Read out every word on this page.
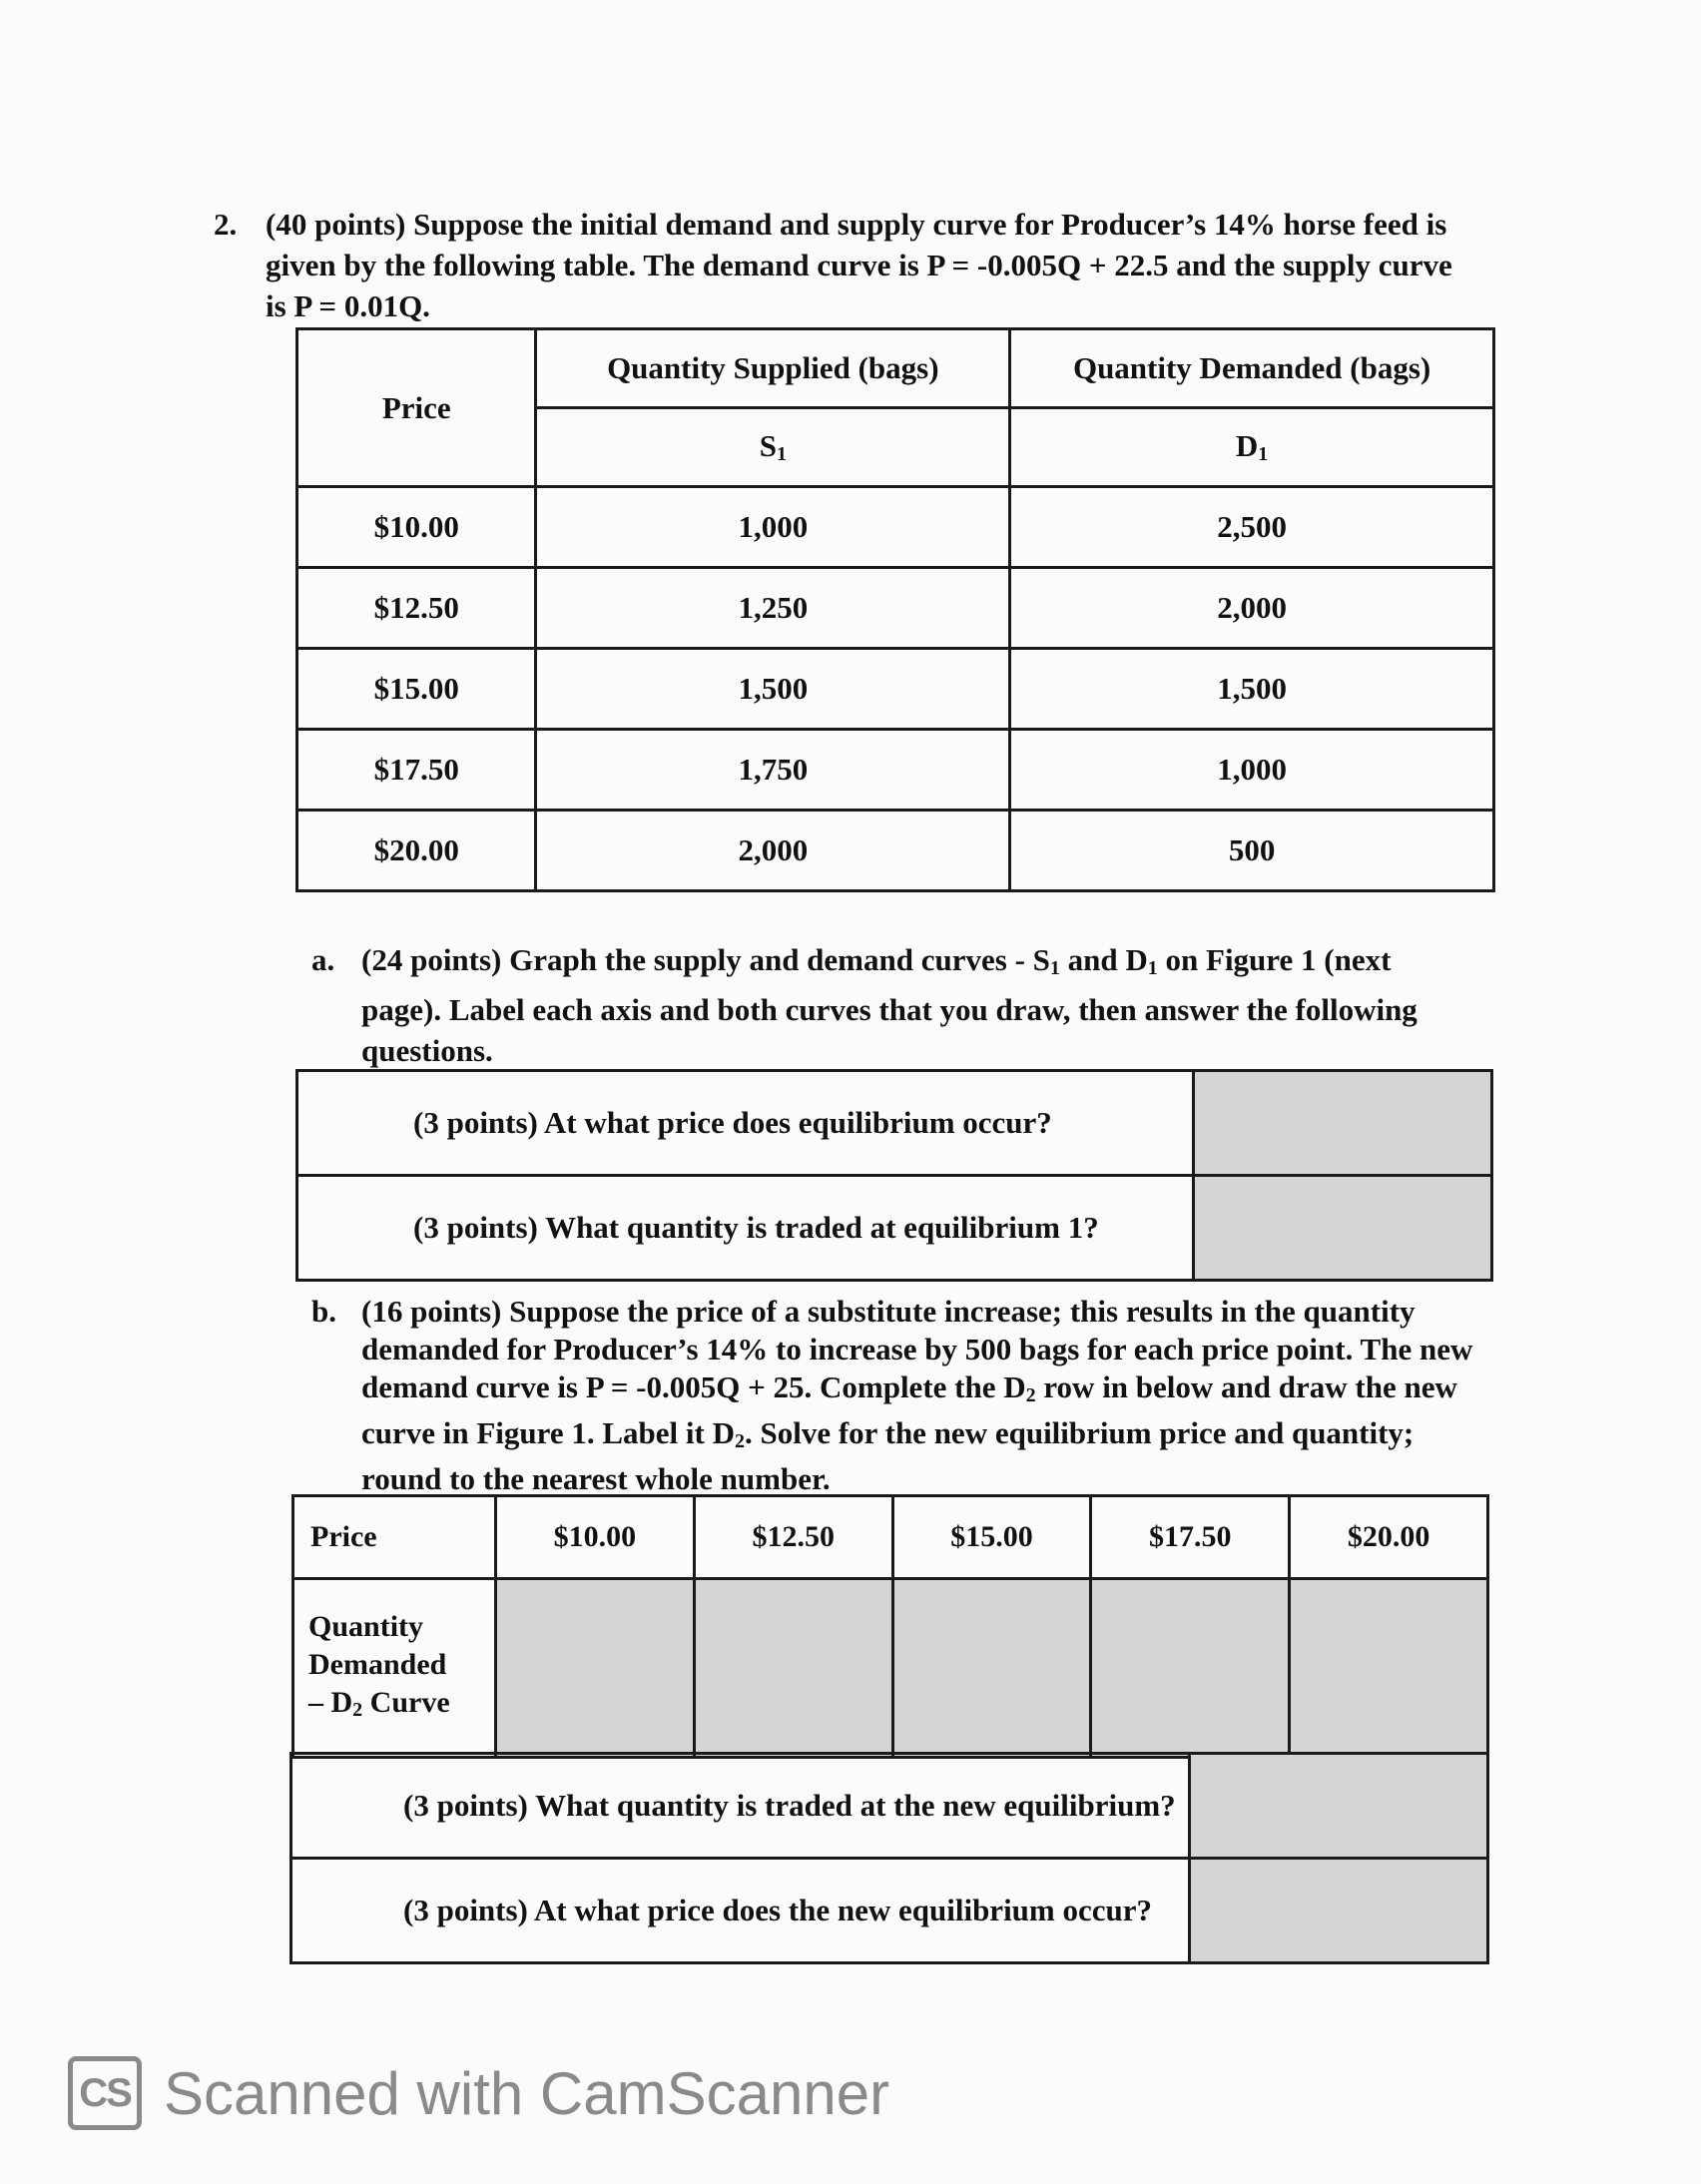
2. (40 points) Suppose the initial demand and supply curve for Producer’s 14% horse feed is
given by the following table. The demand curve is P = -0.005Q + 22.5 and the supply curve
is P = 0.01Q.
Price	Quantity Supplied (bags)	Quantity Demanded (bags)
	$S_1$	$D_1$
$10.00	1,000	2,500
$12.50	1,250	2,000
$15.00	1,500	1,500
$17.50	1,750	1,000
$20.00	2,000	500
a. (24 points) Graph the supply and demand curves - $S_1$ and $D_1$ on Figure 1 (next
page). Label each axis and both curves that you draw, then answer the following
questions.
(3 points) At what price does equilibrium occur?	
(3 points) What quantity is traded at equilibrium 1?	
b. (16 points) Suppose the price of a substitute increase; this results in the quantity
demanded for Producer’s 14% to increase by 500 bags for each price point. The new
demand curve is P = -0.005Q + 25. Complete the $D_2$ row in below and draw the new
curve in Figure 1. Label it $D_2$. Solve for the new equilibrium price and quantity;
round to the nearest whole number.
Price	$10.00	$12.50	$15.00	$17.50	$20.00
Quantity
Demanded
– $D_2$ Curve					
(3 points) What quantity is traded at the new equilibrium?	
(3 points) At what price does the new equilibrium occur?	
CS Scanned with CamScanner
